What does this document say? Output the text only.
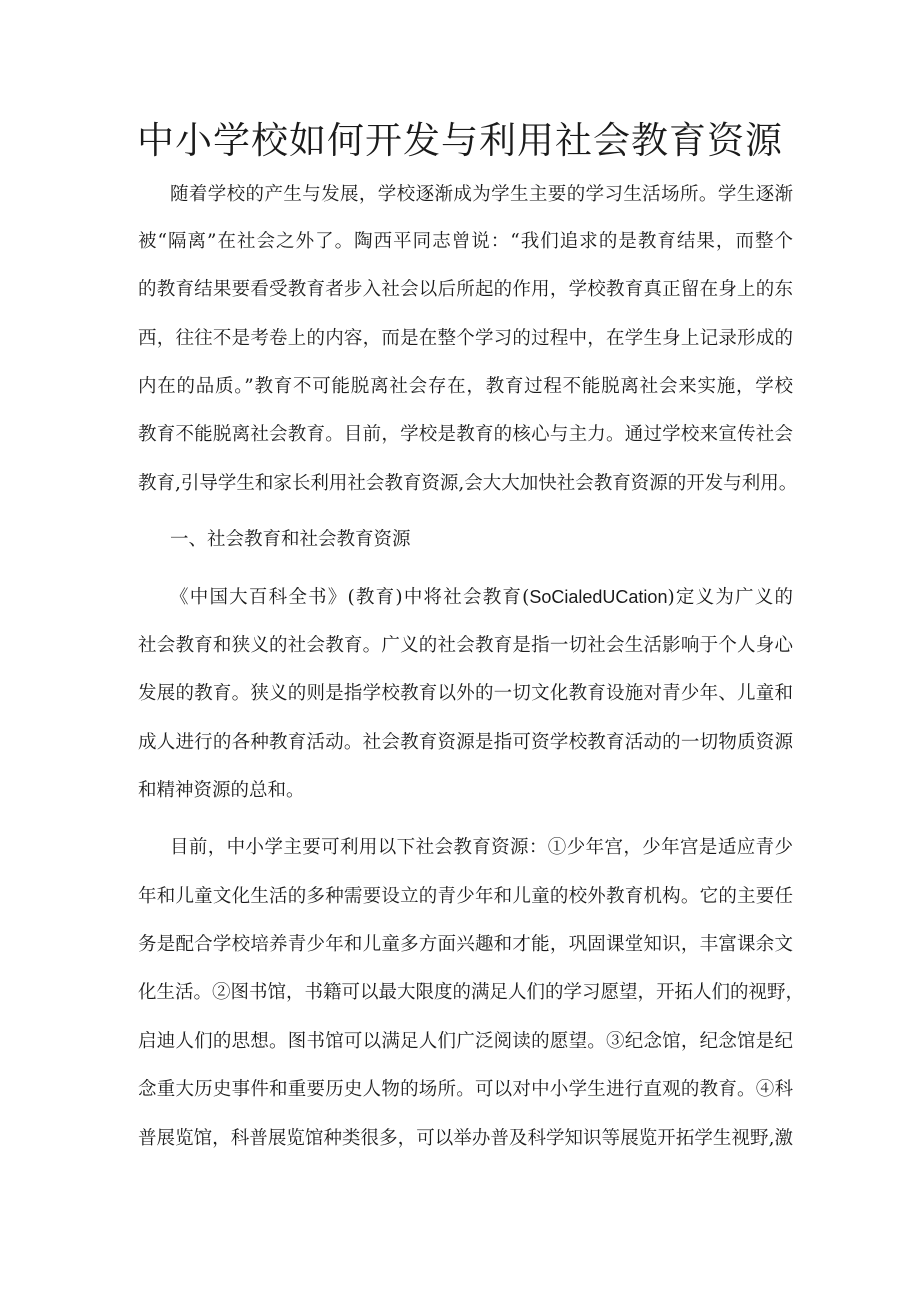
中小学校如何开发与利用社会教育资源
随着学校的产生与发展，学校逐渐成为学生主要的学习生活场所。学生逐渐
被“隔离”在社会之外了。陶西平同志曾说：“我们追求的是教育结果，而整个
的教育结果要看受教育者步入社会以后所起的作用，学校教育真正留在身上的东
西，往往不是考卷上的内容，而是在整个学习的过程中，在学生身上记录形成的
内在的品质。”教育不可能脱离社会存在，教育过程不能脱离社会来实施，学校
教育不能脱离社会教育。目前，学校是教育的核心与主力。通过学校来宣传社会
教育,引导学生和家长利用社会教育资源,会大大加快社会教育资源的开发与利用。
一、社会教育和社会教育资源
《中国大百科全书》(教育)中将社会教育(SoCialedUCation)定义为广义的
社会教育和狭义的社会教育。广义的社会教育是指一切社会生活影响于个人身心
发展的教育。狭义的则是指学校教育以外的一切文化教育设施对青少年、儿童和
成人进行的各种教育活动。社会教育资源是指可资学校教育活动的一切物质资源
和精神资源的总和。
目前，中小学主要可利用以下社会教育资源：①少年宫，少年宫是适应青少
年和儿童文化生活的多种需要设立的青少年和儿童的校外教育机构。它的主要任
务是配合学校培养青少年和儿童多方面兴趣和才能，巩固课堂知识，丰富课余文
化生活。②图书馆，书籍可以最大限度的满足人们的学习愿望，开拓人们的视野，
启迪人们的思想。图书馆可以满足人们广泛阅读的愿望。③纪念馆，纪念馆是纪
念重大历史事件和重要历史人物的场所。可以对中小学生进行直观的教育。④科
普展览馆，科普展览馆种类很多，可以举办普及科学知识等展览开拓学生视野,激
